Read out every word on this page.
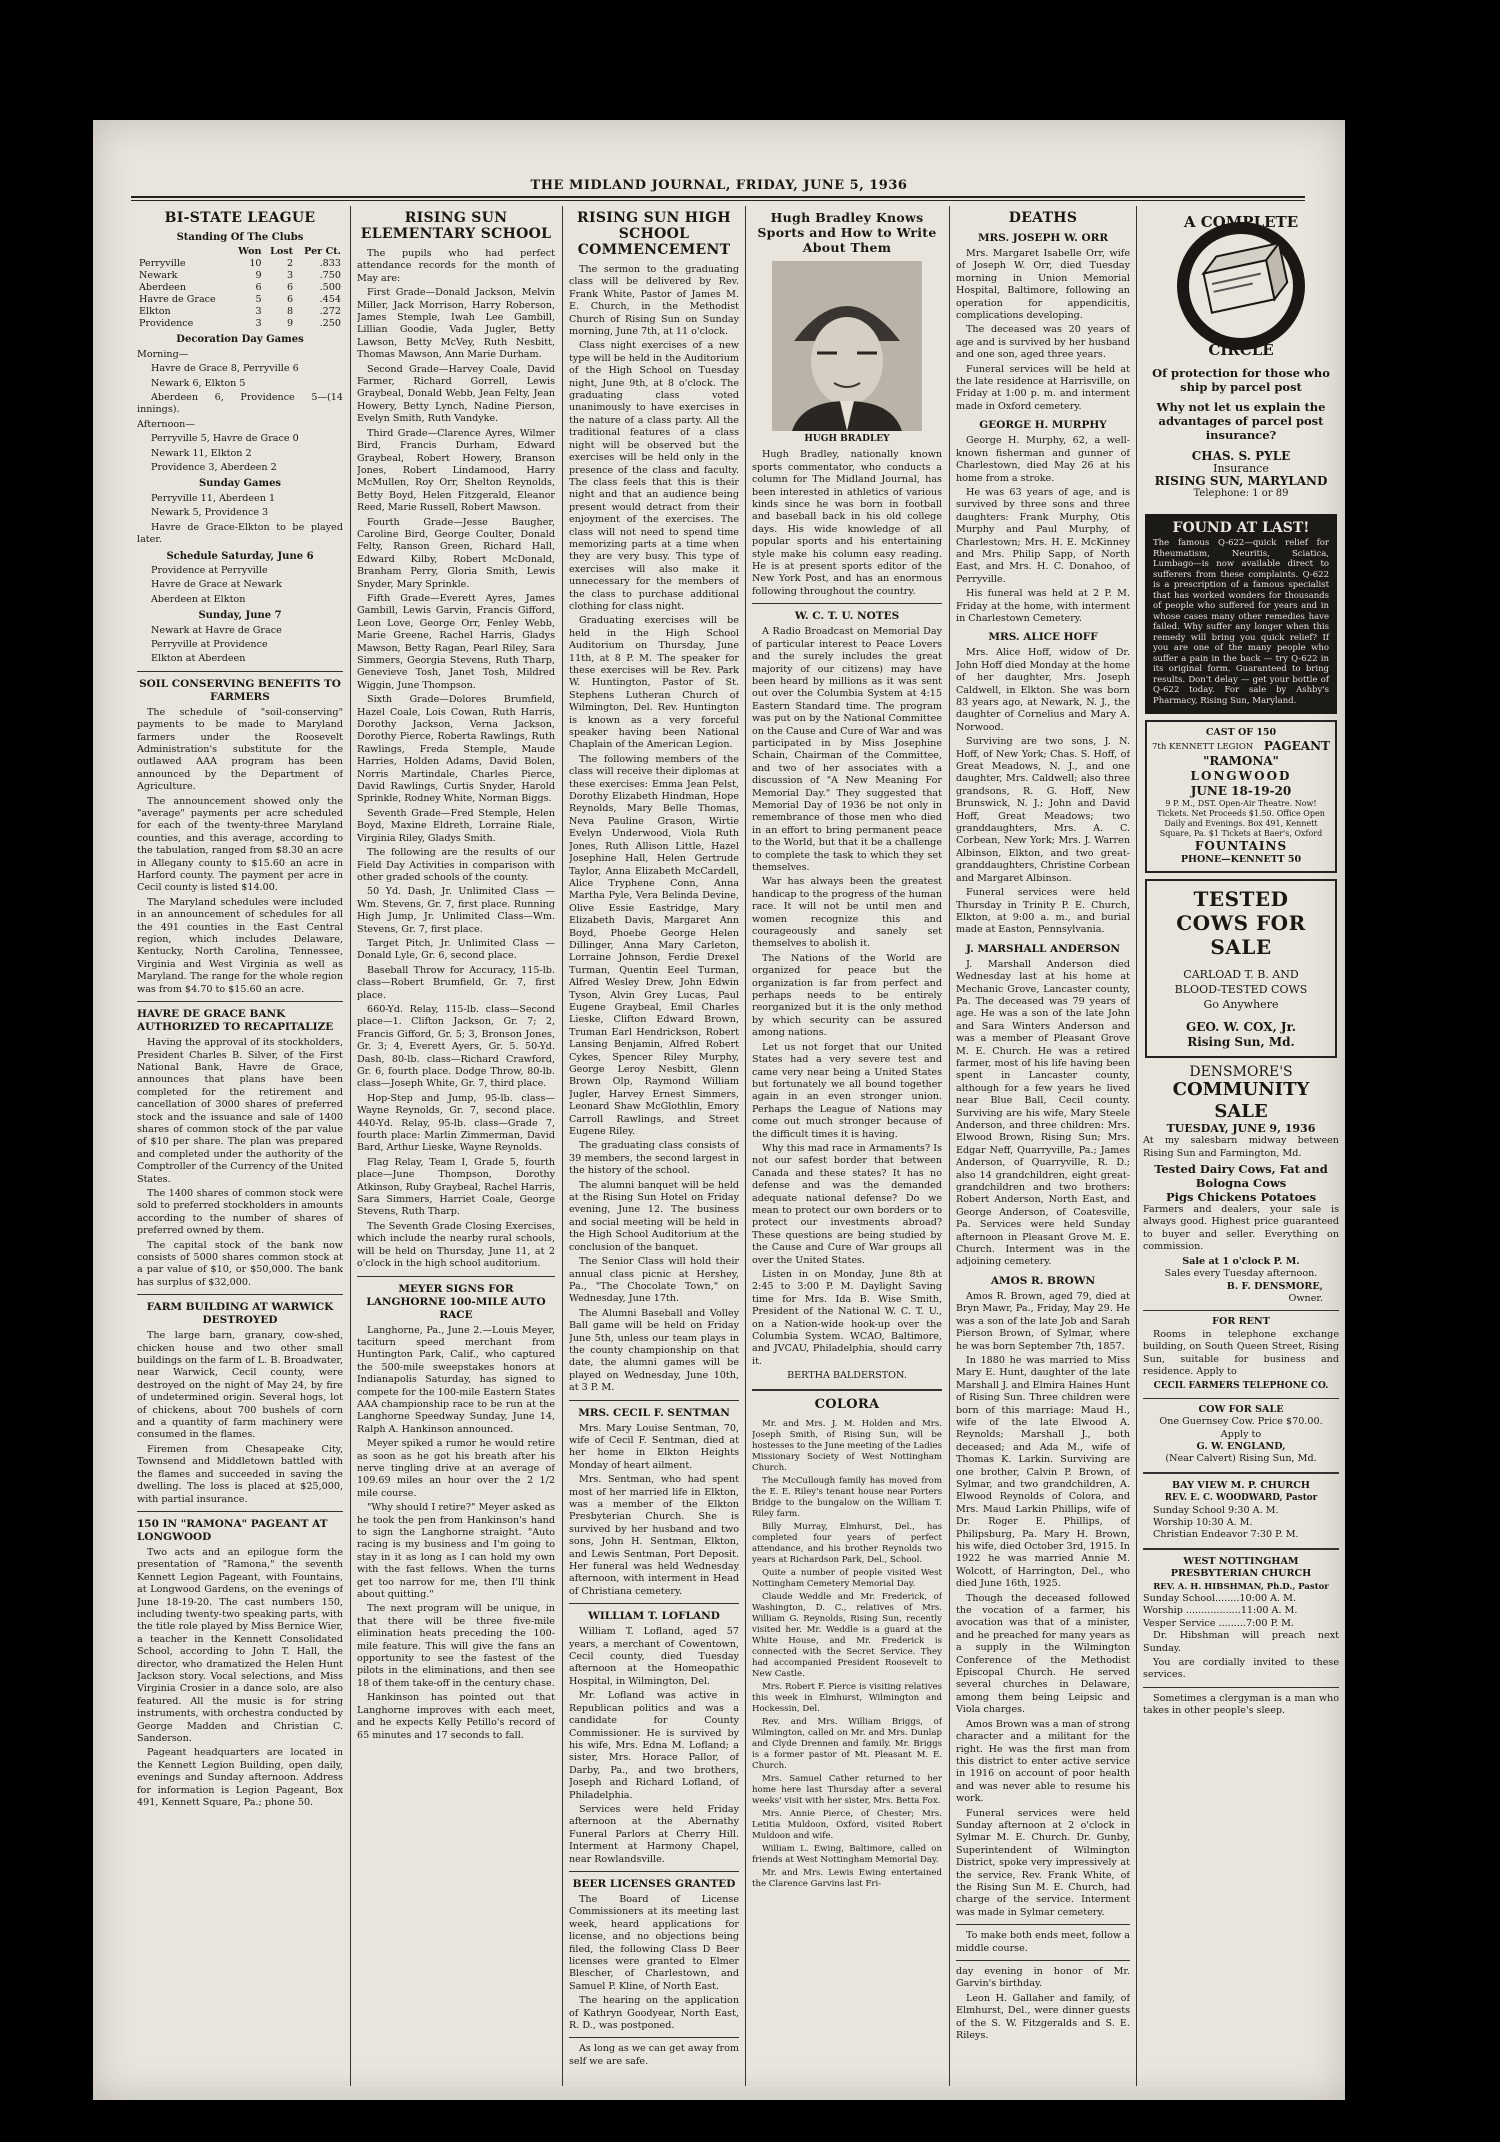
THE MIDLAND JOURNAL, FRIDAY, JUNE 5, 1936
BI-STATE LEAGUE
Standing Of The Clubs
	Won	Lost	Per Ct.
Perryville	10	2	.833
Newark	9	3	.750
Aberdeen	6	6	.500
Havre de Grace	5	6	.454
Elkton	3	8	.272
Providence	3	9	.250
Decoration Day Games

Morning—

Havre de Grace 8, Perryville 6

Newark 6, Elkton 5

Aberdeen 6, Providence 5—(14 innings).

Afternoon—

Perryville 5, Havre de Grace 0

Newark 11, Elkton 2

Providence 3, Aberdeen 2

Sunday Games

Perryville 11, Aberdeen 1

Newark 5, Providence 3

Havre de Grace-Elkton to be played later.

Schedule Saturday, June 6

Providence at Perryville

Havre de Grace at Newark

Aberdeen at Elkton

Sunday, June 7

Newark at Havre de Grace

Perryville at Providence

Elkton at Aberdeen

SOIL CONSERVING BENEFITS TO FARMERS

The schedule of "soil-conserving" payments to be made to Maryland farmers under the Roosevelt Administration's substitute for the outlawed AAA program has been announced by the Department of Agriculture.

The announcement showed only the "average" payments per acre scheduled for each of the twenty-three Maryland counties, and this average, according to the tabulation, ranged from $8.30 an acre in Allegany county to $15.60 an acre in Harford county. The payment per acre in Cecil county is listed $14.00.

The Maryland schedules were included in an announcement of schedules for all the 491 counties in the East Central region, which includes Delaware, Kentucky, North Carolina, Tennessee, Virginia and West Virginia as well as Maryland. The range for the whole region was from $4.70 to $15.60 an acre.

HAVRE DE GRACE BANK AUTHORIZED TO RECAPITALIZE

Having the approval of its stockholders, President Charles B. Silver, of the First National Bank, Havre de Grace, announces that plans have been completed for the retirement and cancellation of 3000 shares of preferred stock and the issuance and sale of 1400 shares of common stock of the par value of $10 per share. The plan was prepared and completed under the authority of the Comptroller of the Currency of the United States.

The 1400 shares of common stock were sold to preferred stockholders in amounts according to the number of shares of preferred owned by them.

The capital stock of the bank now consists of 5000 shares common stock at a par value of $10, or $50,000. The bank has surplus of $32,000.

FARM BUILDING AT WARWICK DESTROYED

The large barn, granary, cow-shed, chicken house and two other small buildings on the farm of L. B. Broadwater, near Warwick, Cecil county, were destroyed on the night of May 24, by fire of undetermined origin. Several hogs, lot of chickens, about 700 bushels of corn and a quantity of farm machinery were consumed in the flames.

Firemen from Chesapeake City, Townsend and Middletown battled with the flames and succeeded in saving the dwelling. The loss is placed at $25,000, with partial insurance.

150 IN "RAMONA" PAGEANT AT LONGWOOD

Two acts and an epilogue form the presentation of "Ramona," the seventh Kennett Legion Pageant, with Fountains, at Longwood Gardens, on the evenings of June 18-19-20. The cast numbers 150, including twenty-two speaking parts, with the title role played by Miss Bernice Wier, a teacher in the Kennett Consolidated School, according to John T. Hall, the director, who dramatized the Helen Hunt Jackson story. Vocal selections, and Miss Virginia Crosier in a dance solo, are also featured. All the music is for string instruments, with orchestra conducted by George Madden and Christian C. Sanderson.

Pageant headquarters are located in the Kennett Legion Building, open daily, evenings and Sunday afternoon. Address for information is Legion Pageant, Box 491, Kennett Square, Pa.; phone 50.

RISING SUN ELEMENTARY SCHOOL

The pupils who had perfect attendance records for the month of May are:

First Grade—Donald Jackson, Melvin Miller, Jack Morrison, Harry Roberson, James Stemple, Iwah Lee Gambill, Lillian Goodie, Vada Jugler, Betty Lawson, Betty McVey, Ruth Nesbitt, Thomas Mawson, Ann Marie Durham.

Second Grade—Harvey Coale, David Farmer, Richard Gorrell, Lewis Graybeal, Donald Webb, Jean Felty, Jean Howery, Betty Lynch, Nadine Pierson, Evelyn Smith, Ruth Vandyke.

Third Grade—Clarence Ayres, Wilmer Bird, Francis Durham, Edward Graybeal, Robert Howery, Branson Jones, Robert Lindamood, Harry McMullen, Roy Orr, Shelton Reynolds, Betty Boyd, Helen Fitzgerald, Eleanor Reed, Marie Russell, Robert Mawson.

Fourth Grade—Jesse Baugher, Caroline Bird, George Coulter, Donald Felty, Ranson Green, Richard Hall, Edward Kilby, Robert McDonald, Branham Perry, Gloria Smith, Lewis Snyder, Mary Sprinkle.

Fifth Grade—Everett Ayres, James Gambill, Lewis Garvin, Francis Gifford, Leon Love, George Orr, Fenley Webb, Marie Greene, Rachel Harris, Gladys Mawson, Betty Ragan, Pearl Riley, Sara Simmers, Georgia Stevens, Ruth Tharp, Genevieve Tosh, Janet Tosh, Mildred Wiggin, June Thompson.

Sixth Grade—Dolores Brumfield, Hazel Coale, Lois Cowan, Ruth Harris, Dorothy Jackson, Verna Jackson, Dorothy Pierce, Roberta Rawlings, Ruth Rawlings, Freda Stemple, Maude Harries, Holden Adams, David Bolen, Norris Martindale, Charles Pierce, David Rawlings, Curtis Snyder, Harold Sprinkle, Rodney White, Norman Biggs.

Seventh Grade—Fred Stemple, Helen Boyd, Maxine Eldreth, Lorraine Riale, Virginia Riley, Gladys Smith.

The following are the results of our Field Day Activities in comparison with other graded schools of the county.

50 Yd. Dash, Jr. Unlimited Class —Wm. Stevens, Gr. 7, first place. Running High Jump, Jr. Unlimited Class—Wm. Stevens, Gr. 7, first place.

Target Pitch, Jr. Unlimited Class —Donald Lyle, Gr. 6, second place.

Baseball Throw for Accuracy, 115-lb. class—Robert Brumfield, Gr. 7, first place.

660-Yd. Relay, 115-lb. class—Second place—1. Clifton Jackson, Gr. 7; 2, Francis Gifford, Gr. 5; 3, Bronson Jones, Gr. 3; 4, Everett Ayers, Gr. 5. 50-Yd. Dash, 80-lb. class—Richard Crawford, Gr. 6, fourth place. Dodge Throw, 80-lb. class—Joseph White, Gr. 7, third place.

Hop-Step and Jump, 95-lb. class—Wayne Reynolds, Gr. 7, second place. 440-Yd. Relay, 95-lb. class—Grade 7, fourth place: Marlin Zimmerman, David Bard, Arthur Lieske, Wayne Reynolds.

Flag Relay, Team I, Grade 5, fourth place—June Thompson, Dorothy Atkinson, Ruby Graybeal, Rachel Harris, Sara Simmers, Harriet Coale, George Stevens, Ruth Tharp.

The Seventh Grade Closing Exercises, which include the nearby rural schools, will be held on Thursday, June 11, at 2 o'clock in the high school auditorium.

MEYER SIGNS FOR LANGHORNE 100-MILE AUTO RACE

Langhorne, Pa., June 2.—Louis Meyer, taciturn speed merchant from Huntington Park, Calif., who captured the 500-mile sweepstakes honors at Indianapolis Saturday, has signed to compete for the 100-mile Eastern States AAA championship race to be run at the Langhorne Speedway Sunday, June 14, Ralph A. Hankinson announced.

Meyer spiked a rumor he would retire as soon as he got his breath after his nerve tingling drive at an average of 109.69 miles an hour over the 2 1/2 mile course.

"Why should I retire?" Meyer asked as he took the pen from Hankinson's hand to sign the Langhorne straight. "Auto racing is my business and I'm going to stay in it as long as I can hold my own with the fast fellows. When the turns get too narrow for me, then I'll think about quitting."

The next program will be unique, in that there will be three five-mile elimination heats preceding the 100-mile feature. This will give the fans an opportunity to see the fastest of the pilots in the eliminations, and then see 18 of them take-off in the century chase.

Hankinson has pointed out that Langhorne improves with each meet, and he expects Kelly Petillo's record of 65 minutes and 17 seconds to fall.

RISING SUN HIGH SCHOOL COMMENCEMENT

The sermon to the graduating class will be delivered by Rev. Frank White, Pastor of James M. E. Church, in the Methodist Church of Rising Sun on Sunday morning, June 7th, at 11 o'clock.

Class night exercises of a new type will be held in the Auditorium of the High School on Tuesday night, June 9th, at 8 o'clock. The graduating class voted unanimously to have exercises in the nature of a class party. All the traditional features of a class night will be observed but the exercises will be held only in the presence of the class and faculty. The class feels that this is their night and that an audience being present would detract from their enjoyment of the exercises. The class will not need to spend time memorizing parts at a time when they are very busy. This type of exercises will also make it unnecessary for the members of the class to purchase additional clothing for class night.

Graduating exercises will be held in the High School Auditorium on Thursday, June 11th, at 8 P. M. The speaker for these exercises will be Rev. Park W. Huntington, Pastor of St. Stephens Lutheran Church of Wilmington, Del. Rev. Huntington is known as a very forceful speaker having been National Chaplain of the American Legion.

The following members of the class will receive their diplomas at these exercises: Emma Jean Pelst, Dorothy Elizabeth Hindman, Hope Reynolds, Mary Belle Thomas, Neva Pauline Grason, Wirtie Evelyn Underwood, Viola Ruth Jones, Ruth Allison Little, Hazel Josephine Hall, Helen Gertrude Taylor, Anna Elizabeth McCardell, Alice Tryphene Conn, Anna Martha Pyle, Vera Belinda Devine, Olive Essie Eastridge, Mary Elizabeth Davis, Margaret Ann Boyd, Phoebe George Helen Dillinger, Anna Mary Carleton, Lorraine Johnson, Ferdie Drexel Turman, Quentin Eeel Turman, Alfred Wesley Drew, John Edwin Tyson, Alvin Grey Lucas, Paul Eugene Graybeal, Emil Charles Lieske, Clifton Edward Brown, Truman Earl Hendrickson, Robert Lansing Benjamin, Alfred Robert Cykes, Spencer Riley Murphy, George Leroy Nesbitt, Glenn Brown Olp, Raymond William Jugler, Harvey Ernest Simmers, Leonard Shaw McGlothlin, Emory Carroll Rawlings, and Street Eugene Riley.

The graduating class consists of 39 members, the second largest in the history of the school.

The alumni banquet will be held at the Rising Sun Hotel on Friday evening, June 12. The business and social meeting will be held in the High School Auditorium at the conclusion of the banquet.

The Senior Class will hold their annual class picnic at Hershey, Pa., "The Chocolate Town," on Wednesday, June 17th.

The Alumni Baseball and Volley Ball game will be held on Friday June 5th, unless our team plays in the county championship on that date, the alumni games will be played on Wednesday, June 10th, at 3 P. M.

MRS. CECIL F. SENTMAN

Mrs. Mary Louise Sentman, 70, wife of Cecil F. Sentman, died at her home in Elkton Heights Monday of heart ailment.

Mrs. Sentman, who had spent most of her married life in Elkton, was a member of the Elkton Presbyterian Church. She is survived by her husband and two sons, John H. Sentman, Elkton, and Lewis Sentman, Port Deposit. Her funeral was held Wednesday afternoon, with interment in Head of Christiana cemetery.

WILLIAM T. LOFLAND

William T. Lofland, aged 57 years, a merchant of Cowentown, Cecil county, died Tuesday afternoon at the Homeopathic Hospital, in Wilmington, Del.

Mr. Lofland was active in Republican politics and was a candidate for County Commissioner. He is survived by his wife, Mrs. Edna M. Lofland; a sister, Mrs. Horace Pallor, of Darby, Pa., and two brothers, Joseph and Richard Lofland, of Philadelphia.

Services were held Friday afternoon at the Abernathy Funeral Parlors at Cherry Hill. Interment at Harmony Chapel, near Rowlandsville.

BEER LICENSES GRANTED

The Board of License Commissioners at its meeting last week, heard applications for license, and no objections being filed, the following Class D Beer licenses were granted to Elmer Blescher, of Charlestown, and Samuel P. Kline, of North East.

The hearing on the application of Kathryn Goodyear, North East, R. D., was postponed.

As long as we can get away from self we are safe.

Hugh Bradley Knows Sports and How to Write About Them
HUGH BRADLEY

Hugh Bradley, nationally known sports commentator, who conducts a column for The Midland Journal, has been interested in athletics of various kinds since he was born in football and baseball back in his old college days. His wide knowledge of all popular sports and his entertaining style make his column easy reading. He is at present sports editor of the New York Post, and has an enormous following throughout the country.

W. C. T. U. NOTES

A Radio Broadcast on Memorial Day of particular interest to Peace Lovers and the surely includes the great majority of our citizens) may have been heard by millions as it was sent out over the Columbia System at 4:15 Eastern Standard time. The program was put on by the National Committee on the Cause and Cure of War and was participated in by Miss Josephine Schain, Chairman of the Committee, and two of her associates with a discussion of "A New Meaning For Memorial Day." They suggested that Memorial Day of 1936 be not only in remembrance of those men who died in an effort to bring permanent peace to the World, but that it be a challenge to complete the task to which they set themselves.

War has always been the greatest handicap to the progress of the human race. It will not be until men and women recognize this and courageously and sanely set themselves to abolish it.

The Nations of the World are organized for peace but the organization is far from perfect and perhaps needs to be entirely reorganized but it is the only method by which security can be assured among nations.

Let us not forget that our United States had a very severe test and came very near being a United States but fortunately we all bound together again in an even stronger union. Perhaps the League of Nations may come out much stronger because of the difficult times it is having.

Why this mad race in Armaments? Is not our safest border that between Canada and these states? It has no defense and was the demanded adequate national defense? Do we mean to protect our own borders or to protect our investments abroad? These questions are being studied by the Cause and Cure of War groups all over the United States.

Listen in on Monday, June 8th at 2:45 to 3:00 P. M. Daylight Saving time for Mrs. Ida B. Wise Smith, President of the National W. C. T. U., on a Nation-wide hook-up over the Columbia System. WCAO, Baltimore, and JVCAU, Philadelphia, should carry it.

BERTHA BALDERSTON.
COLORA

Mr. and Mrs. J. M. Holden and Mrs. Joseph Smith, of Rising Sun, will be hostesses to the June meeting of the Ladies Missionary Society of West Nottingham Church.

The McCullough family has moved from the E. E. Riley's tenant house near Porters Bridge to the bungalow on the William T. Riley farm.

Billy Murray, Elmhurst, Del., has completed four years of perfect attendance, and his brother Reynolds two years at Richardson Park, Del., School.

Quite a number of people visited West Nottingham Cemetery Memorial Day.

Claude Weddle and Mr. Frederick, of Washington, D. C., relatives of Mrs. William G. Reynolds, Rising Sun, recently visited her. Mr. Weddle is a guard at the White House, and Mr. Frederick is connected with the Secret Service. They had accompanied President Roosevelt to New Castle.

Mrs. Robert F. Pierce is visiting relatives this week in Elmhurst, Wilmington and Hockessin, Del.

Rev. and Mrs. William Briggs, of Wilmington, called on Mr. and Mrs. Dunlap and Clyde Drennen and family. Mr. Briggs is a former pastor of Mt. Pleasant M. E. Church.

Mrs. Samuel Cather returned to her home here last Thursday after a several weeks' visit with her sister, Mrs. Betta Fox.

Mrs. Annie Pierce, of Chester; Mrs. Letitia Muldoon, Oxford, visited Robert Muldoon and wife.

William L. Ewing, Baltimore, called on friends at West Nottingham Memorial Day.

Mr. and Mrs. Lewis Ewing entertained the Clarence Garvins last Fri-

DEATHS
MRS. JOSEPH W. ORR

Mrs. Margaret Isabelle Orr, wife of Joseph W. Orr, died Tuesday morning in Union Memorial Hospital, Baltimore, following an operation for appendicitis, complications developing.

The deceased was 20 years of age and is survived by her husband and one son, aged three years.

Funeral services will be held at the late residence at Harrisville, on Friday at 1:00 p. m. and interment made in Oxford cemetery.

GEORGE H. MURPHY

George H. Murphy, 62, a well-known fisherman and gunner of Charlestown, died May 26 at his home from a stroke.

He was 63 years of age, and is survived by three sons and three daughters: Frank Murphy, Otis Murphy and Paul Murphy, of Charlestown; Mrs. H. E. McKinney and Mrs. Philip Sapp, of North East, and Mrs. H. C. Donahoo, of Perryville.

His funeral was held at 2 P. M. Friday at the home, with interment in Charlestown Cemetery.

MRS. ALICE HOFF

Mrs. Alice Hoff, widow of Dr. John Hoff died Monday at the home of her daughter, Mrs. Joseph Caldwell, in Elkton. She was born 83 years ago, at Newark, N. J., the daughter of Cornelius and Mary A. Norwood.

Surviving are two sons, J. N. Hoff, of New York; Chas. S. Hoff, of Great Meadows, N. J., and one daughter, Mrs. Caldwell; also three grandsons, R. G. Hoff, New Brunswick, N. J.; John and David Hoff, Great Meadows; two granddaughters, Mrs. A. C. Corbean, New York; Mrs. J. Warren Albinson, Elkton, and two great-granddaughters, Christine Corbean and Margaret Albinson.

Funeral services were held Thursday in Trinity P. E. Church, Elkton, at 9:00 a. m., and burial made at Easton, Pennsylvania.

J. MARSHALL ANDERSON

J. Marshall Anderson died Wednesday last at his home at Mechanic Grove, Lancaster county, Pa. The deceased was 79 years of age. He was a son of the late John and Sara Winters Anderson and was a member of Pleasant Grove M. E. Church. He was a retired farmer, most of his life having been spent in Lancaster county, although for a few years he lived near Blue Ball, Cecil county. Surviving are his wife, Mary Steele Anderson, and three children: Mrs. Elwood Brown, Rising Sun; Mrs. Edgar Neff, Quarryville, Pa.; James Anderson, of Quarryville, R. D.; also 14 grandchildren, eight great-grandchildren and two brothers: Robert Anderson, North East, and George Anderson, of Coatesville, Pa. Services were held Sunday afternoon in Pleasant Grove M. E. Church. Interment was in the adjoining cemetery.

AMOS R. BROWN

Amos R. Brown, aged 79, died at Bryn Mawr, Pa., Friday, May 29. He was a son of the late Job and Sarah Pierson Brown, of Sylmar, where he was born September 7th, 1857.

In 1880 he was married to Miss Mary E. Hunt, daughter of the late Marshall J. and Elmira Haines Hunt of Rising Sun. Three children were born of this marriage: Maud H., wife of the late Elwood A. Reynolds; Marshall J., both deceased; and Ada M., wife of Thomas K. Larkin. Surviving are one brother, Calvin P. Brown, of Sylmar, and two grandchildren, A. Elwood Reynolds of Colora, and Mrs. Maud Larkin Phillips, wife of Dr. Roger E. Phillips, of Philipsburg, Pa. Mary H. Brown, his wife, died October 3rd, 1915. In 1922 he was married Annie M. Wolcott, of Harrington, Del., who died June 16th, 1925.

Though the deceased followed the vocation of a farmer, his avocation was that of a minister, and he preached for many years as a supply in the Wilmington Conference of the Methodist Episcopal Church. He served several churches in Delaware, among them being Leipsic and Viola charges.

Amos Brown was a man of strong character and a militant for the right. He was the first man from this district to enter active service in 1916 on account of poor health and was never able to resume his work.

Funeral services were held Sunday afternoon at 2 o'clock in Sylmar M. E. Church. Dr. Gunby, Superintendent of Wilmington District, spoke very impressively at the service, Rev. Frank White, of the Rising Sun M. E. Church, had charge of the service. Interment was made in Sylmar cemetery.

To make both ends meet, follow a middle course.

day evening in honor of Mr. Garvin's birthday.

Leon H. Gallaher and family, of Elmhurst, Del., were dinner guests of the S. W. Fitzgeralds and S. E. Rileys.

A COMPLETE
CIRCLE
Of protection for those who ship by parcel post
Why not let us explain the advantages of parcel post insurance?
CHAS. S. PYLE
Insurance
RISING SUN, MARYLAND
Telephone: 1 or 89
FOUND AT LAST!
The famous Q-622—quick relief for Rheumatism, Neuritis, Sciatica, Lumbago—is now available direct to sufferers from these complaints. Q-622 is a prescription of a famous specialist that has worked wonders for thousands of people who suffered for years and in whose cases many other remedies have failed. Why suffer any longer when this remedy will bring you quick relief? If you are one of the many people who suffer a pain in the back — try Q-622 in its original form. Guaranteed to bring results. Don't delay — get your bottle of Q-622 today. For sale by Ashby's Pharmacy, Rising Sun, Maryland.
CAST OF 150
7th KENNETT LEGION PAGEANT
"RAMONA"
LONGWOOD
JUNE 18-19-20
9 P. M., DST. Open-Air Theatre. Now! Tickets. Net Proceeds $1.50. Office Open Daily and Evenings. Box 491, Kennett Square, Pa. $1 Tickets at Baer's, Oxford
FOUNTAINS
PHONE—KENNETT 50
TESTED COWS FOR SALE
CARLOAD T. B. AND
BLOOD-TESTED COWS
Go Anywhere
GEO. W. COX, Jr.
Rising Sun, Md.
DENSMORE'S
COMMUNITY SALE
TUESDAY, JUNE 9, 1936

At my salesbarn midway between Rising Sun and Farmington, Md.

Tested Dairy Cows, Fat and Bologna Cows
Pigs Chickens Potatoes

Farmers and dealers, your sale is always good. Highest price guaranteed to buyer and seller. Everything on commission.

Sale at 1 o'clock P. M.
Sales every Tuesday afternoon.
B. F. DENSMORE,
Owner.
FOR RENT

Rooms in telephone exchange building, on South Queen Street, Rising Sun, suitable for business and residence. Apply to

CECIL FARMERS TELEPHONE CO.
COW FOR SALE
One Guernsey Cow. Price $70.00.
Apply to
G. W. ENGLAND,
(Near Calvert) Rising Sun, Md.
BAY VIEW M. P. CHURCH
REV. E. C. WOODWARD, Pastor
Sunday School 9:30 A. M.
Worship 10:30 A. M.
Christian Endeavor 7:30 P. M.
WEST NOTTINGHAM PRESBYTERIAN CHURCH
REV. A. H. HIBSHMAN, Ph.D., Pastor
Sunday School........10:00 A. M.
Worship ..................11:00 A. M.
Vesper Service .........7:00 P. M.

Dr. Hibshman will preach next Sunday.

You are cordially invited to these services.

Sometimes a clergyman is a man who takes in other people's sleep.
